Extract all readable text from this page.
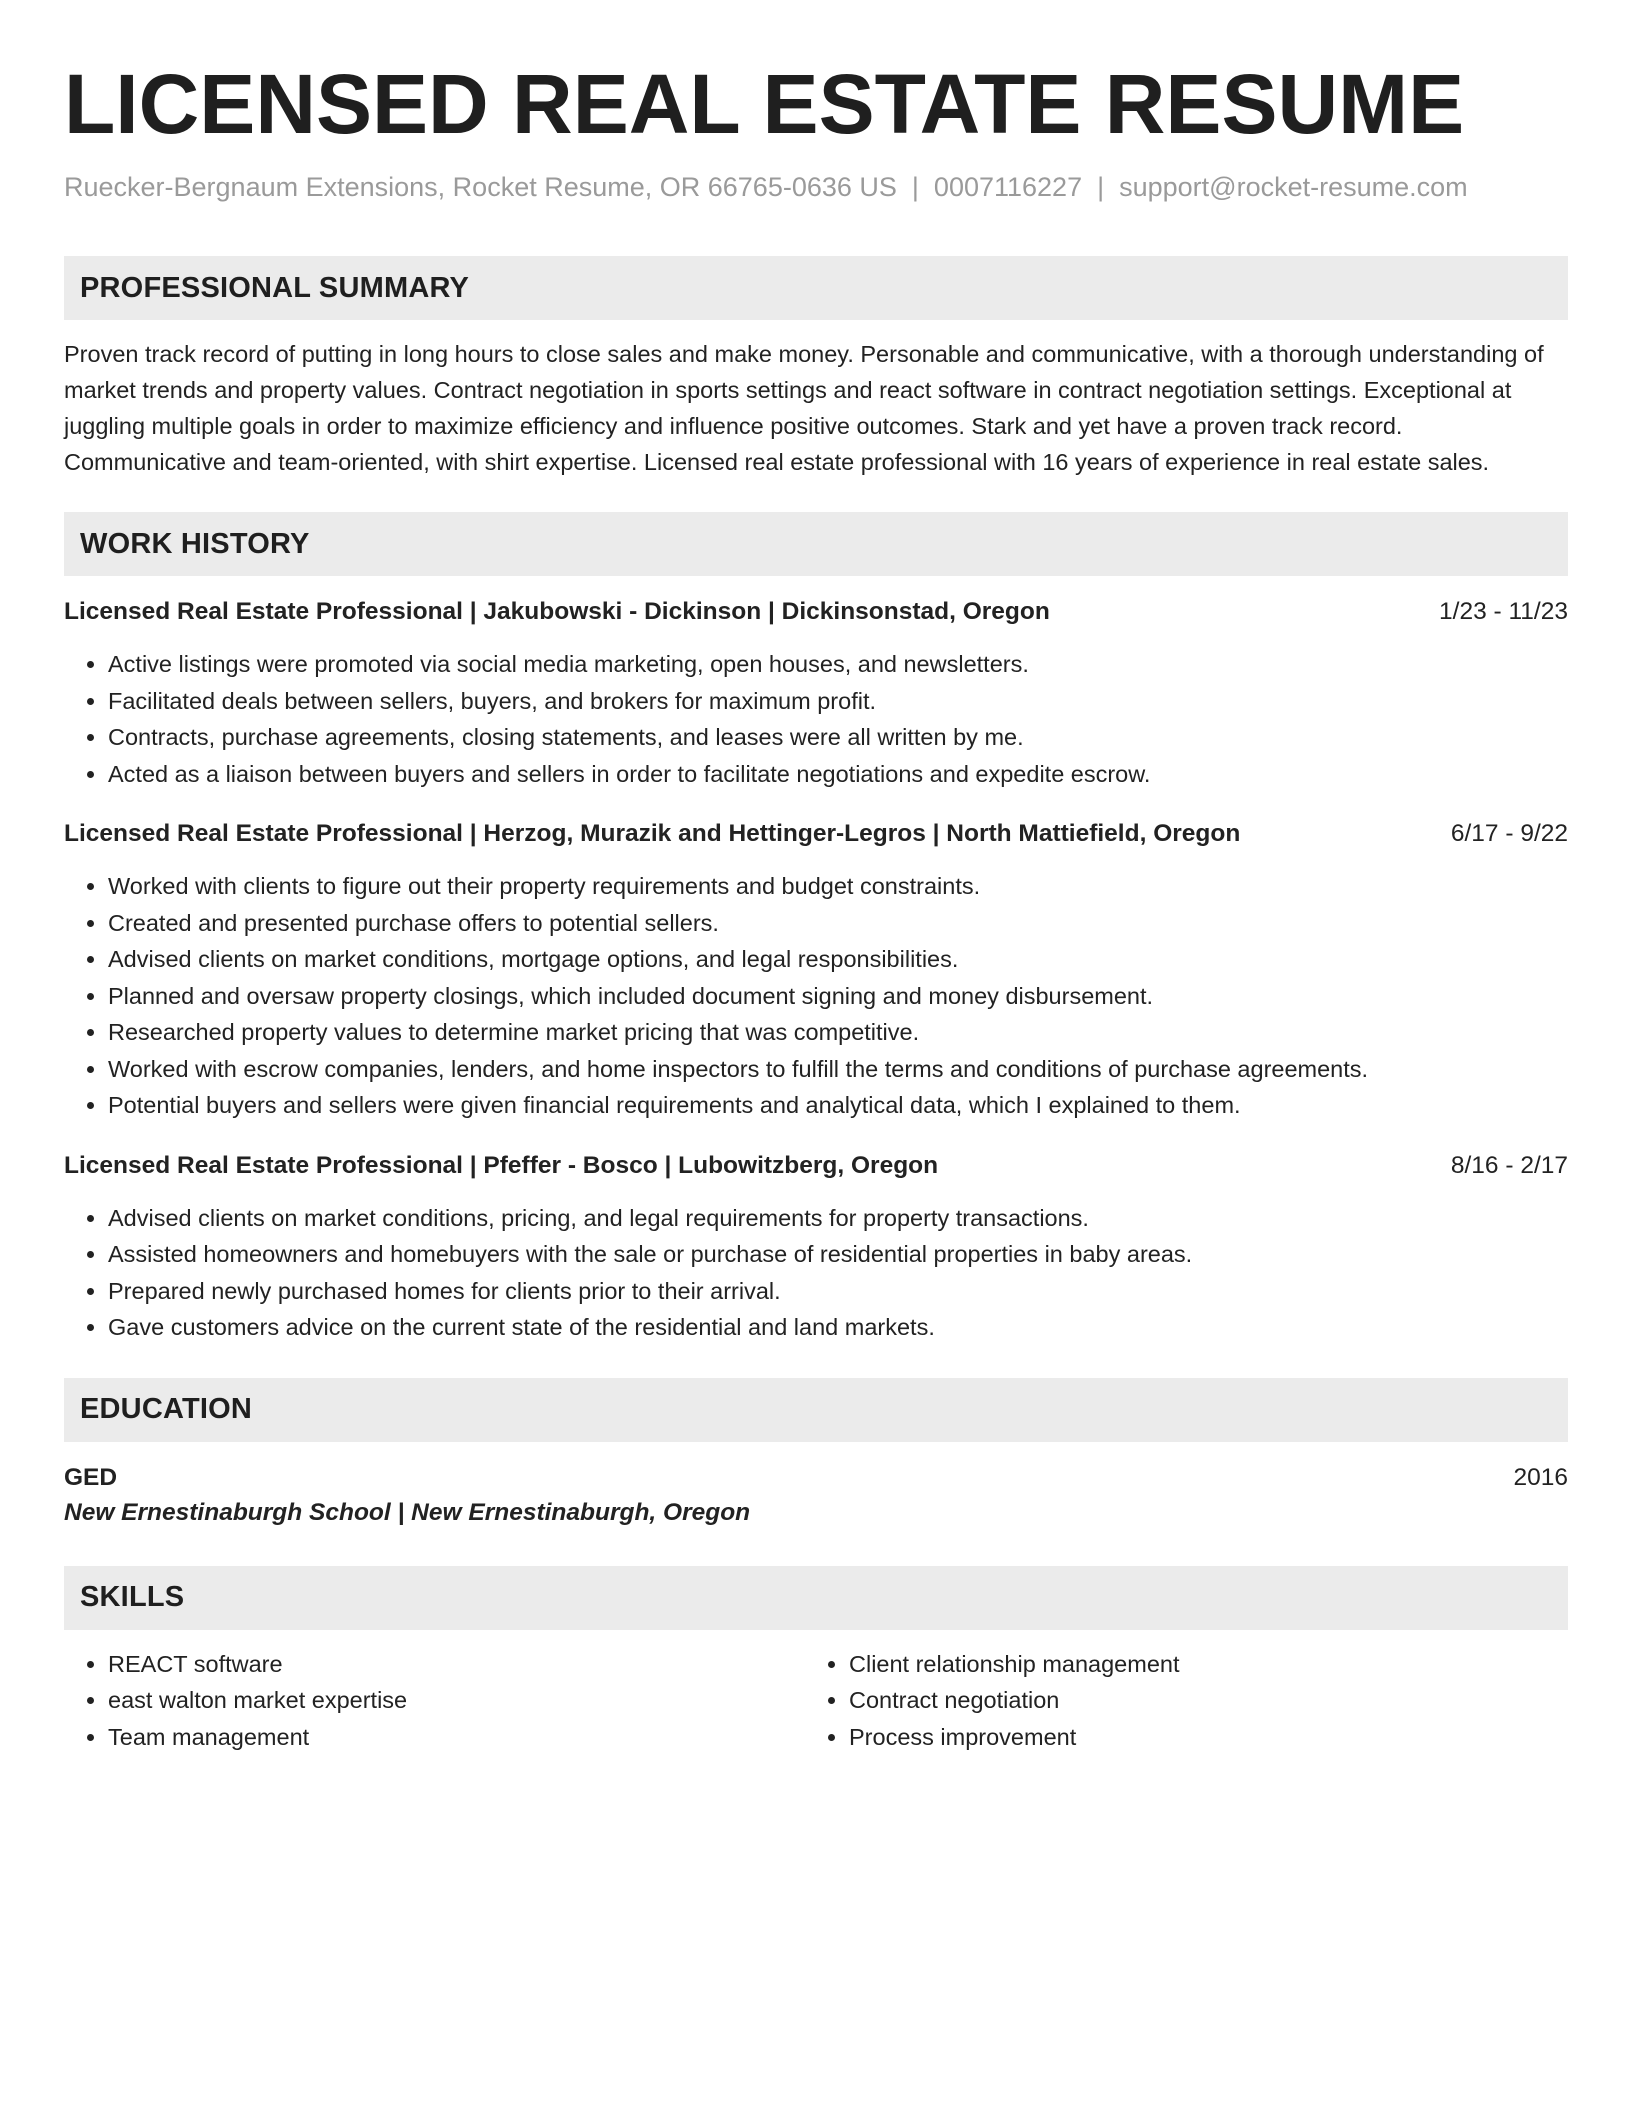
LICENSED REAL ESTATE RESUME
Ruecker-Bergnaum Extensions, Rocket Resume, OR 66765-0636 US | 0007116227 | support@rocket-resume.com
PROFESSIONAL SUMMARY
Proven track record of putting in long hours to close sales and make money. Personable and communicative, with a thorough understanding of market trends and property values. Contract negotiation in sports settings and react software in contract negotiation settings. Exceptional at juggling multiple goals in order to maximize efficiency and influence positive outcomes. Stark and yet have a proven track record. Communicative and team-oriented, with shirt expertise. Licensed real estate professional with 16 years of experience in real estate sales.
WORK HISTORY
Licensed Real Estate Professional | Jakubowski - Dickinson | Dickinsonstad, Oregon	1/23 - 11/23
• Active listings were promoted via social media marketing, open houses, and newsletters.
• Facilitated deals between sellers, buyers, and brokers for maximum profit.
• Contracts, purchase agreements, closing statements, and leases were all written by me.
• Acted as a liaison between buyers and sellers in order to facilitate negotiations and expedite escrow.
Licensed Real Estate Professional | Herzog, Murazik and Hettinger-Legros | North Mattiefield, Oregon	6/17 - 9/22
• Worked with clients to figure out their property requirements and budget constraints.
• Created and presented purchase offers to potential sellers.
• Advised clients on market conditions, mortgage options, and legal responsibilities.
• Planned and oversaw property closings, which included document signing and money disbursement.
• Researched property values to determine market pricing that was competitive.
• Worked with escrow companies, lenders, and home inspectors to fulfill the terms and conditions of purchase agreements.
• Potential buyers and sellers were given financial requirements and analytical data, which I explained to them.
Licensed Real Estate Professional | Pfeffer - Bosco | Lubowitzberg, Oregon	8/16 - 2/17
• Advised clients on market conditions, pricing, and legal requirements for property transactions.
• Assisted homeowners and homebuyers with the sale or purchase of residential properties in baby areas.
• Prepared newly purchased homes for clients prior to their arrival.
• Gave customers advice on the current state of the residential and land markets.
EDUCATION
GED	2016
New Ernestinaburgh School | New Ernestinaburgh, Oregon
SKILLS
• REACT software
• east walton market expertise
• Team management
• Client relationship management
• Contract negotiation
• Process improvement
